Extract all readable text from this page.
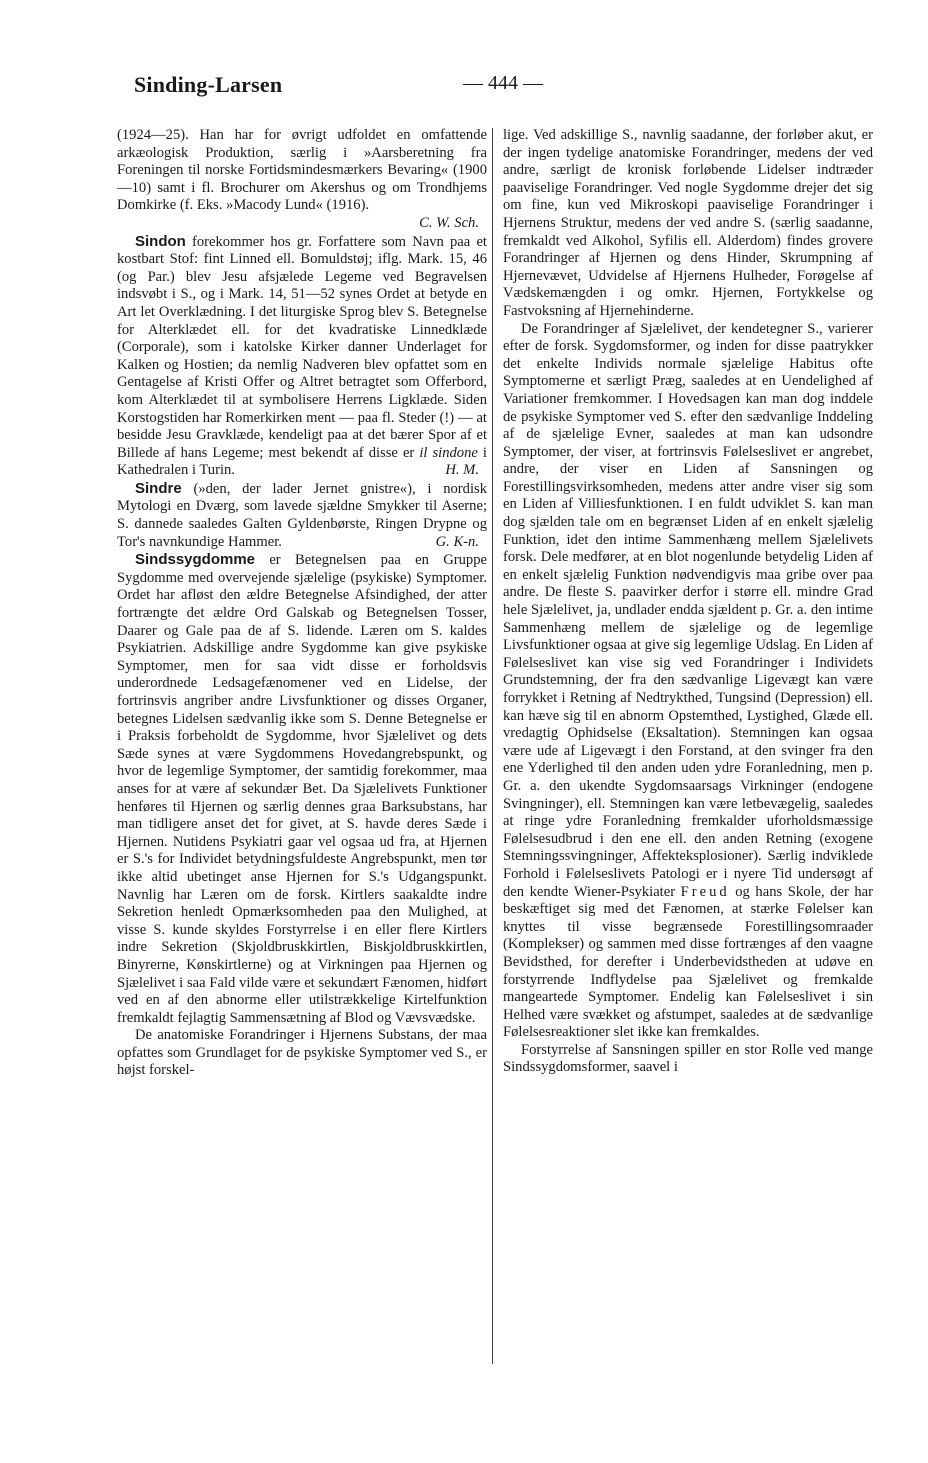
Sinding-Larsen	— 444 —

(1924—25). Han har for øvrigt udfoldet en omfattende arkæologisk Produktion, særlig i »Aarsberetning fra Foreningen til norske Fortidsmindesmærkers Bevaring« (1900—10) samt i fl. Brochurer om Akershus og om Trondhjems Domkirke (f. Eks. »Macody Lund« (1916).

C. W. Sch.

Sindon forekommer hos gr. Forfattere som Navn paa et kostbart Stof: fint Linned ell. Bomuldstøj; iflg. Mark. 15, 46 (og Par.) blev Jesu afsjælede Legeme ved Begravelsen indsvøbt i S., og i Mark. 14, 51—52 synes Ordet at betyde en Art let Overklædning. I det liturgiske Sprog blev S. Betegnelse for Alterklædet ell. for det kvadratiske Linnedklæde (Corporale), som i katolske Kirker danner Underlaget for Kalken og Hostien; da nemlig Nadveren blev opfattet som en Gentagelse af Kristi Offer og Altret betragtet som Offerbord, kom Alterklædet til at symbolisere Herrens Ligklæde. Siden Korstogstiden har Romerkirken ment — paa fl. Steder (!) — at besidde Jesu Gravklæde, kendeligt paa at det bærer Spor af et Billede af hans Legeme; mest bekendt af disse er il sindone i Kathedralen i Turin.	H. M.

Sindre (»den, der lader Jernet gnistre«), i nordisk Mytologi en Dværg, som lavede sjældne Smykker til Aserne; S. dannede saaledes Galten Gyldenbørste, Ringen Drypne og Tor's navnkundige Hammer.	G. K-n.

Sindssygdomme er Betegnelsen paa en Gruppe Sygdomme med overvejende sjælelige (psykiske) Symptomer. Ordet har afløst den ældre Betegnelse Afsindighed, der atter fortrængte det ældre Ord Galskab og Betegnelsen Tosser, Daarer og Gale paa de af S. lidende. Læren om S. kaldes Psykiatrien. Adskillige andre Sygdomme kan give psykiske Symptomer, men for saa vidt disse er forholdsvis underordnede Ledsagefænomener ved en Lidelse, der fortrinsvis angriber andre Livsfunktioner og disses Organer, betegnes Lidelsen sædvanlig ikke som S. Denne Betegnelse er i Praksis forbeholdt de Sygdomme, hvor Sjælelivet og dets Sæde synes at være Sygdommens Hovedangrebspunkt, og hvor de legemlige Symptomer, der samtidig forekommer, maa anses for at være af sekundær Bet. Da Sjælelivets Funktioner henføres til Hjernen og særlig dennes graa Barksubstans, har man tidligere anset det for givet, at S. havde deres Sæde i Hjernen. Nutidens Psykiatri gaar vel ogsaa ud fra, at Hjernen er S.'s for Individet betydningsfuldeste Angrebspunkt, men tør ikke altid ubetinget anse Hjernen for S.'s Udgangspunkt. Navnlig har Læren om de forsk. Kirtlers saakaldte indre Sekretion henledt Opmærksomheden paa den Mulighed, at visse S. kunde skyldes Forstyrrelse i en eller flere Kirtlers indre Sekretion (Skjoldbruskkirtlen, Biskjoldbruskkirtlen, Binyrerne, Kønskirtlerne) og at Virkningen paa Hjernen og Sjælelivet i saa Fald vilde være et sekundært Fænomen, hidført ved en af den abnorme eller utilstrækkelige Kirtelfunktion fremkaldt fejlagtig Sammensætning af Blod og Vævsvædske.

De anatomiske Forandringer i Hjernens Substans, der maa opfattes som Grundlaget for de psykiske Symptomer ved S., er højst forskel-

lige. Ved adskillige S., navnlig saadanne, der forløber akut, er der ingen tydelige anatomiske Forandringer, medens der ved andre, særligt de kronisk forløbende Lidelser indtræder paaviselige Forandringer. Ved nogle Sygdomme drejer det sig om fine, kun ved Mikroskopi paaviselige Forandringer i Hjernens Struktur, medens der ved andre S. (særlig saadanne, fremkaldt ved Alkohol, Syfilis ell. Alderdom) findes grovere Forandringer af Hjernen og dens Hinder, Skrumpning af Hjernevævet, Udvidelse af Hjernens Hulheder, Forøgelse af Vædskemængden i og omkr. Hjernen, Fortykkelse og Fastvoksning af Hjernehinderne.

De Forandringer af Sjælelivet, der kendetegner S., varierer efter de forsk. Sygdomsformer, og inden for disse paatrykker det enkelte Individs normale sjælelige Habitus ofte Symptomerne et særligt Præg, saaledes at en Uendelighed af Variationer fremkommer. I Hovedsagen kan man dog inddele de psykiske Symptomer ved S. efter den sædvanlige Inddeling af de sjælelige Evner, saaledes at man kan udsondre Symptomer, der viser, at fortrinsvis Følelseslivet er angrebet, andre, der viser en Liden af Sansningen og Forestillingsvirksomheden, medens atter andre viser sig som en Liden af Villiesfunktionen. I en fuldt udviklet S. kan man dog sjælden tale om en begrænset Liden af en enkelt sjælelig Funktion, idet den intime Sammenhæng mellem Sjælelivets forsk. Dele medfører, at en blot nogenlunde betydelig Liden af en enkelt sjælelig Funktion nødvendigvis maa gribe over paa andre. De fleste S. paavirker derfor i større ell. mindre Grad hele Sjælelivet, ja, undlader endda sjældent p. Gr. a. den intime Sammenhæng mellem de sjælelige og de legemlige Livsfunktioner ogsaa at give sig legemlige Udslag. En Liden af Følelseslivet kan vise sig ved Forandringer i Individets Grundstemning, der fra den sædvanlige Ligevægt kan være forrykket i Retning af Nedtrykthed, Tungsind (Depression) ell. kan hæve sig til en abnorm Opstemthed, Lystighed, Glæde ell. vredagtig Ophidselse (Eksaltation). Stemningen kan ogsaa være ude af Ligevægt i den Forstand, at den svinger fra den ene Yderlighed til den anden uden ydre Foranledning, men p. Gr. a. den ukendte Sygdomsaarsags Virkninger (endogene Svingninger), ell. Stemningen kan være letbevægelig, saaledes at ringe ydre Foranledning fremkalder uforholdsmæssige Følelsesudbrud i den ene ell. den anden Retning (exogene Stemningssvingninger, Affekteksplosioner). Særlig indviklede Forhold i Følelseslivets Patologi er i nyere Tid undersøgt af den kendte Wiener-Psykiater Freud og hans Skole, der har beskæftiget sig med det Fænomen, at stærke Følelser kan knyttes til visse begrænsede Forestillingsomraader (Komplekser) og sammen med disse fortrænges af den vaagne Bevidsthed, for derefter i Underbevidstheden at udøve en forstyrrende Indflydelse paa Sjælelivet og fremkalde mangeartede Symptomer. Endelig kan Følelseslivet i sin Helhed være svækket og afstumpet, saaledes at de sædvanlige Følelsesreaktioner slet ikke kan fremkaldes.

Forstyrrelse af Sansningen spiller en stor Rolle ved mange Sindssygdomsformer, saavel i
